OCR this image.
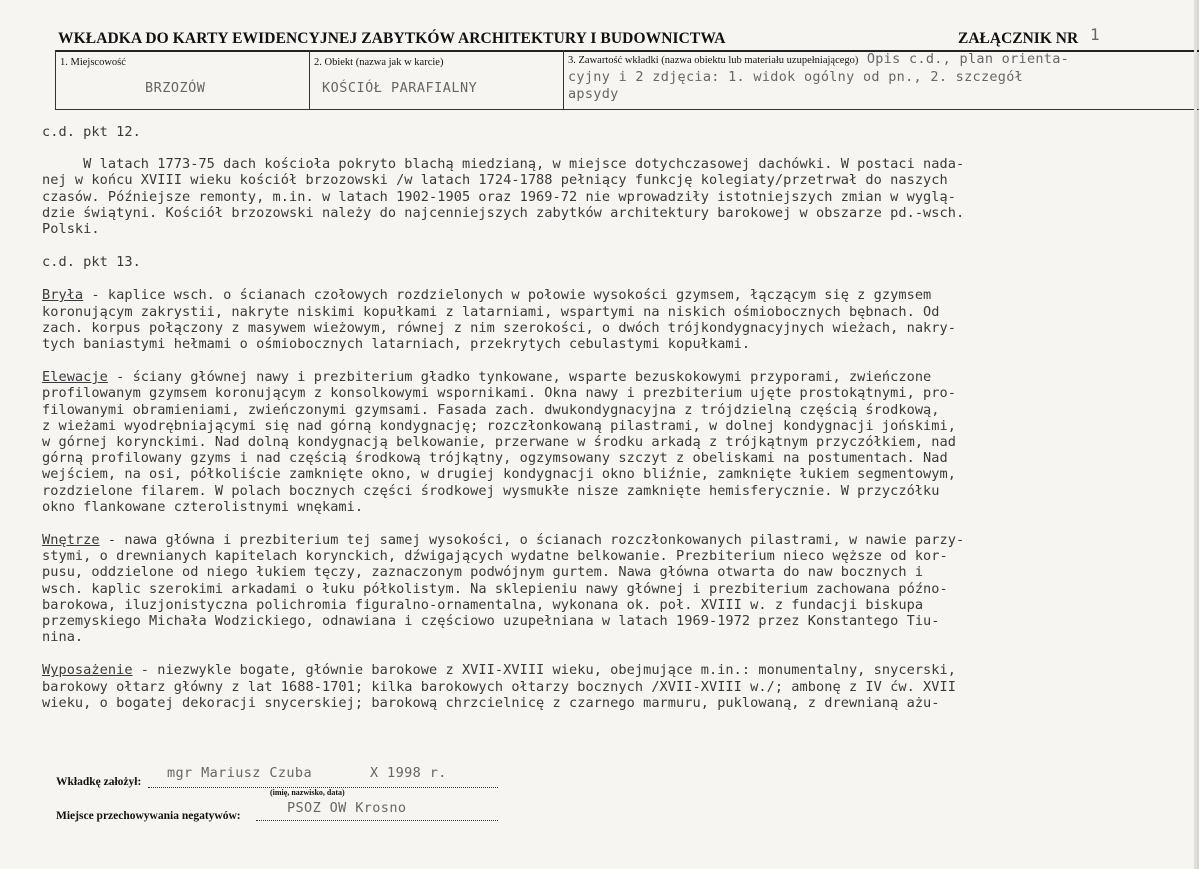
WKŁADKA DO KARTY EWIDENCYJNEJ ZABYTKÓW ARCHITEKTURY I BUDOWNICTWA	ZAŁĄCZNIK NR 1
1. Miejscowość
BRZOZÓW
2. Obiekt (nazwa jak w karcie)
KOŚCIÓŁ PARAFIALNY
3. Zawartość wkładki (nazwa obiektu lub materiału uzupełniającego) Opis c.d., plan orienta-
cyjny i 2 zdjęcia: 1. widok ogólny od pn., 2. szczegół
apsydy

c.d. pkt 12.

W latach 1773-75 dach kościoła pokryto blachą miedzianą, w miejsce dotychczasowej dachówki. W postaci nada-

nej w końcu XVIII wieku kościół brzozowski /w latach 1724-1788 pełniący funkcję kolegiaty/przetrwał do naszych

czasów. Późniejsze remonty, m.in. w latach 1902-1905 oraz 1969-72 nie wprowadziły istotniejszych zmian w wyglą-

dzie świątyni. Kościół brzozowski należy do najcenniejszych zabytków architektury barokowej w obszarze pd.-wsch.

Polski.

c.d. pkt 13.

Bryła - kaplice wsch. o ścianach czołowych rozdzielonych w połowie wysokości gzymsem, łączącym się z gzymsem

koronującym zakrystii, nakryte niskimi kopułkami z latarniami, wspartymi na niskich ośmiobocznych bębnach. Od

zach. korpus połączony z masywem wieżowym, równej z nim szerokości, o dwóch trójkondygnacyjnych wieżach, nakry-

tych baniastymi hełmami o ośmiobocznych latarniach, przekrytych cebulastymi kopułkami.

Elewacje - ściany głównej nawy i prezbiterium gładko tynkowane, wsparte bezuskokowymi przyporami, zwieńczone

profilowanym gzymsem koronującym z konsolkowymi wspornikami. Okna nawy i prezbiterium ujęte prostokątnymi, pro-

filowanymi obramieniami, zwieńczonymi gzymsami. Fasada zach. dwukondygnacyjna z trójdzielną częścią środkową,

z wieżami wyodrębniającymi się nad górną kondygnację; rozczłonkowaną pilastrami, w dolnej kondygnacji jońskimi,

w górnej korynckimi. Nad dolną kondygnacją belkowanie, przerwane w środku arkadą z trójkątnym przyczółkiem, nad

górną profilowany gzyms i nad częścią środkową trójkątny, ogzymsowany szczyt z obeliskami na postumentach. Nad

wejściem, na osi, półkoliście zamknięte okno, w drugiej kondygnacji okno bliźnie, zamknięte łukiem segmentowym,

rozdzielone filarem. W polach bocznych części środkowej wysmukłe nisze zamknięte hemisferycznie. W przyczółku

okno flankowane czterolistnymi wnękami.

Wnętrze - nawa główna i prezbiterium tej samej wysokości, o ścianach rozczłonkowanych pilastrami, w nawie parzy-

stymi, o drewnianych kapitelach korynckich, dźwigających wydatne belkowanie. Prezbiterium nieco węższe od kor-

pusu, oddzielone od niego łukiem tęczy, zaznaczonym podwójnym gurtem. Nawa główna otwarta do naw bocznych i

wsch. kaplic szerokimi arkadami o łuku półkolistym. Na sklepieniu nawy głównej i prezbiterium zachowana późno-

barokowa, iluzjonistyczna polichromia figuralno-ornamentalna, wykonana ok. poł. XVIII w. z fundacji biskupa

przemyskiego Michała Wodzickiego, odnawiana i częściowo uzupełniana w latach 1969-1972 przez Konstantego Tiu-

nina.

Wyposażenie - niezwykle bogate, głównie barokowe z XVII-XVIII wieku, obejmujące m.in.: monumentalny, snycerski,

barokowy ołtarz główny z lat 1688-1701; kilka barokowych ołtarzy bocznych /XVII-XVIII w./; ambonę z IV ćw. XVII

wieku, o bogatej dekoracji snycerskiej; barokową chrzcielnicę z czarnego marmuru, puklowaną, z drewnianą ażu-

Wkładkę założył:
mgr Mariusz Czuba	X 1998 r.
(imię, nazwisko, data)
Miejsce przechowywania negatywów:	PSOZ OW Krosno
